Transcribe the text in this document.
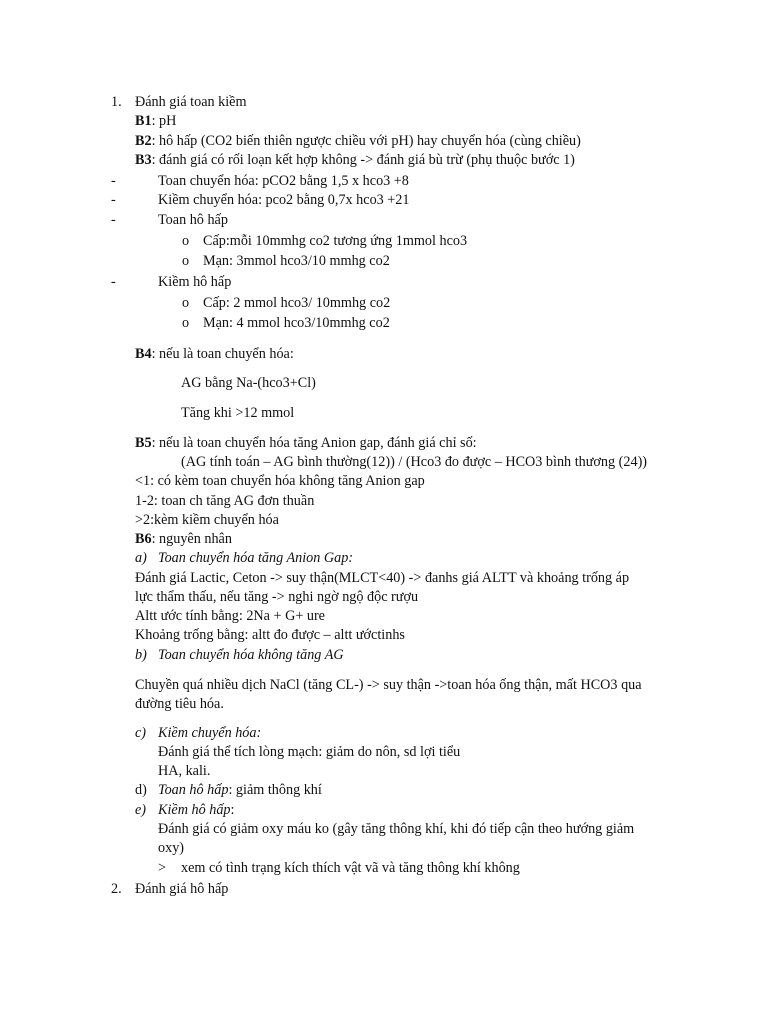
1. Đánh giá toan kiềm
B1: pH
B2: hô hấp (CO2 biến thiên ngược chiều với pH) hay chuyển hóa (cùng chiều)
B3: đánh giá có rối loạn kết hợp không -> đánh giá bù trừ (phụ thuộc bước 1)
-	Toan chuyển hóa: pCO2 bằng 1,5 x hco3 +8
-	Kiềm chuyển hóa: pco2 bằng 0,7x hco3 +21
-	Toan hô hấp
o Cấp:mỗi 10mmhg co2 tương ứng 1mmol hco3
o Mạn: 3mmol hco3/10 mmhg co2
-	Kiềm hô hấp
o Cấp: 2 mmol hco3/ 10mmhg co2
o Mạn: 4 mmol hco3/10mmhg co2
B4: nếu là toan chuyển hóa:
AG bằng Na-(hco3+Cl)
Tăng khi >12 mmol
B5: nếu là toan chuyển hóa tăng Anion gap, đánh giá chỉ số:
(AG tính toán – AG bình thường(12)) / (Hco3 đo được – HCO3 bình thương (24))
<1: có kèm toan chuyển hóa không tăng Anion gap
1-2: toan ch tăng AG đơn thuần
>2:kèm kiềm chuyển hóa
B6: nguyên nhân
a) Toan chuyển hóa tăng Anion Gap:
Đánh giá Lactic, Ceton -> suy thận(MLCT<40) -> đanhs giá ALTT và khoảng trống áp
lực thẩm thấu, nếu tăng -> nghi ngờ ngộ độc rượu
Altt ước tính bằng: 2Na + G+ ure
Khoảng trống bằng: altt đo được – altt ướctinhs
b) Toan chuyển hóa không tăng AG
Chuyền quá nhiều dịch NaCl (tăng CL-) -> suy thận ->toan hóa ống thận, mất HCO3 qua
đường tiêu hóa.
c) Kiềm chuyển hóa:
Đánh giá thể tích lòng mạch: giảm do nôn, sd lợi tiểu
HA, kali.
d) Toan hô hấp: giảm thông khí
e) Kiềm hô hấp:
Đánh giá có giảm oxy máu ko (gây tăng thông khí, khi đó tiếp cận theo hướng giảm
oxy)
> xem có tình trạng kích thích vật vã và tăng thông khí không
2. Đánh giá hô hấp
